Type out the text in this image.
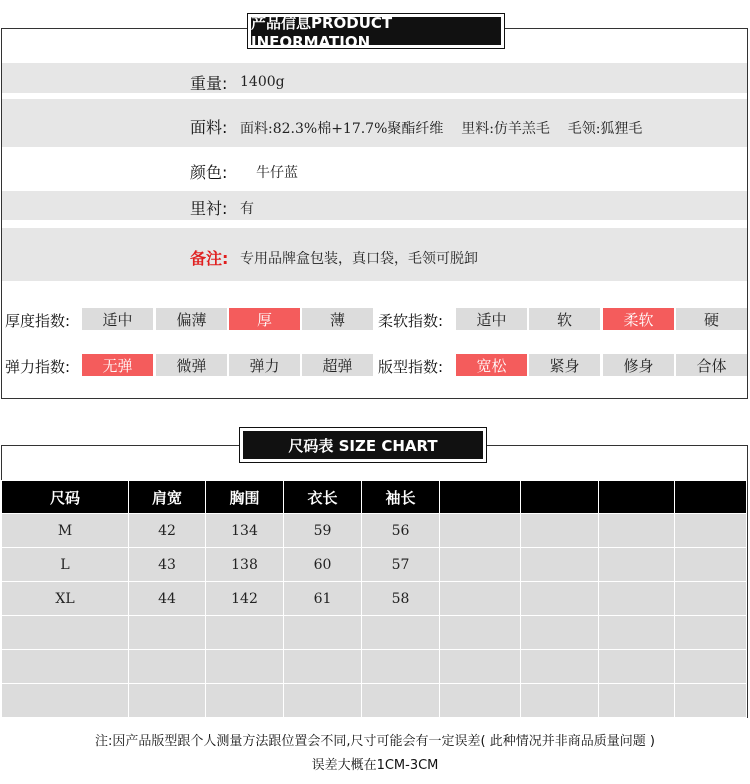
产品信息PRODUCT INFORMATION
重量: 1400g
面料: 面料:82.3%棉+17.7%聚酯纤维    里料:仿羊羔毛    毛领:狐狸毛
颜色: 牛仔蓝
里衬: 有
备注: 专用品牌盒包装，真口袋，毛领可脱卸
厚度指数:	适中	偏薄	厚	薄	柔软指数:	适中	软	柔软	硬
弹力指数:	无弹	微弹	弹力	超弹	版型指数:	宽松	紧身	修身	合体
尺码表 SIZE CHART
尺码	肩宽	胸围	衣长	袖长				
M	42	134	59	56				
L	43	138	60	57				
XL	44	142	61	58				

注:因产品版型跟个人测量方法跟位置会不同,尺寸可能会有一定误差( 此种情况并非商品质量问题 )
误差大概在1CM-3CM
